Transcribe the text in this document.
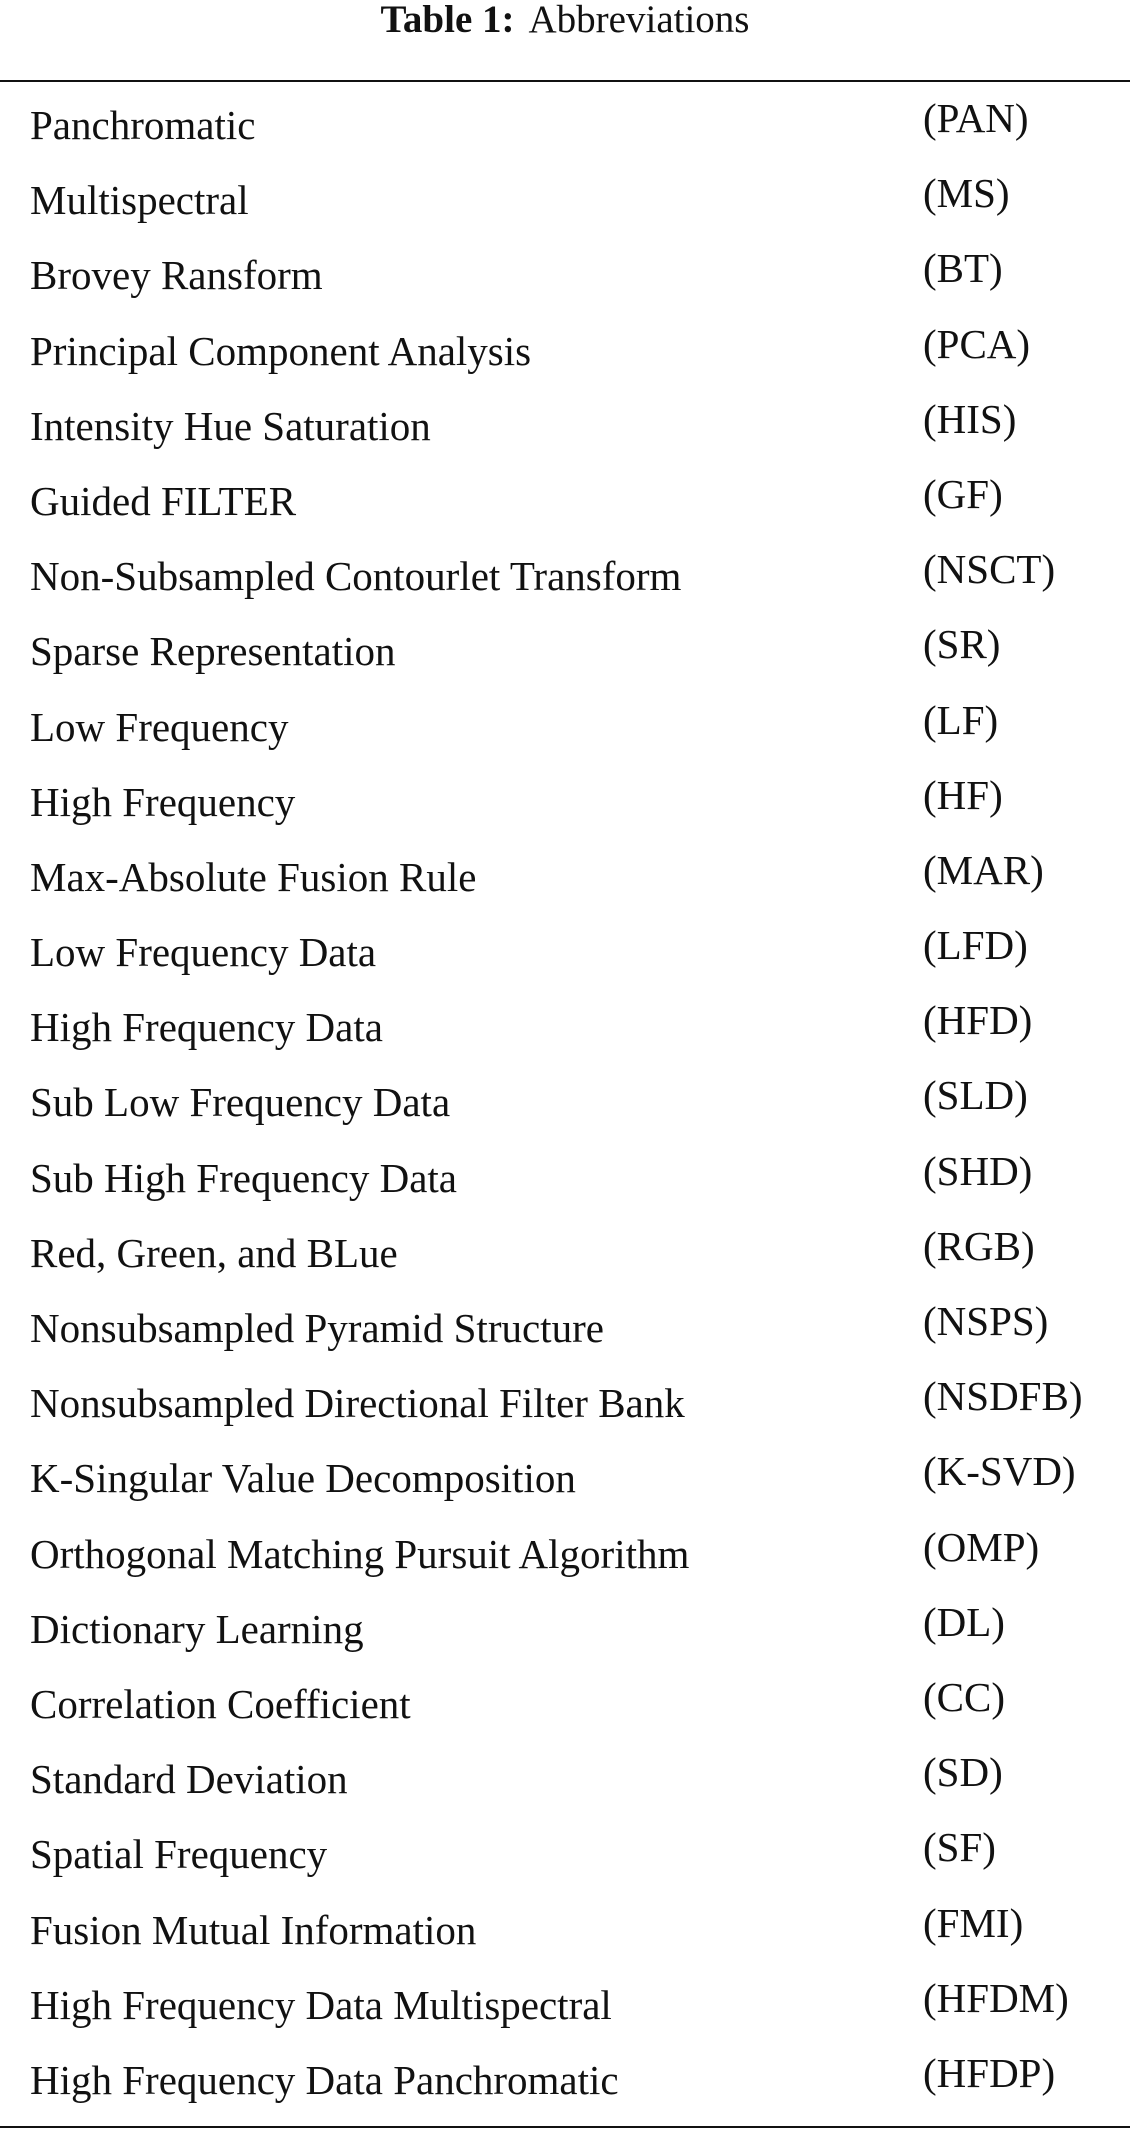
Table 1: Abbreviations
Panchromatic	(PAN)
Multispectral	(MS)
Brovey Ransform	(BT)
Principal Component Analysis	(PCA)
Intensity Hue Saturation	(HIS)
Guided FILTER	(GF)
Non-Subsampled Contourlet Transform	(NSCT)
Sparse Representation	(SR)
Low Frequency	(LF)
High Frequency	(HF)
Max-Absolute Fusion Rule	(MAR)
Low Frequency Data	(LFD)
High Frequency Data	(HFD)
Sub Low Frequency Data	(SLD)
Sub High Frequency Data	(SHD)
Red, Green, and BLue	(RGB)
Nonsubsampled Pyramid Structure	(NSPS)
Nonsubsampled Directional Filter Bank	(NSDFB)
K-Singular Value Decomposition	(K-SVD)
Orthogonal Matching Pursuit Algorithm	(OMP)
Dictionary Learning	(DL)
Correlation Coefficient	(CC)
Standard Deviation	(SD)
Spatial Frequency	(SF)
Fusion Mutual Information	(FMI)
High Frequency Data Multispectral	(HFDM)
High Frequency Data Panchromatic	(HFDP)
